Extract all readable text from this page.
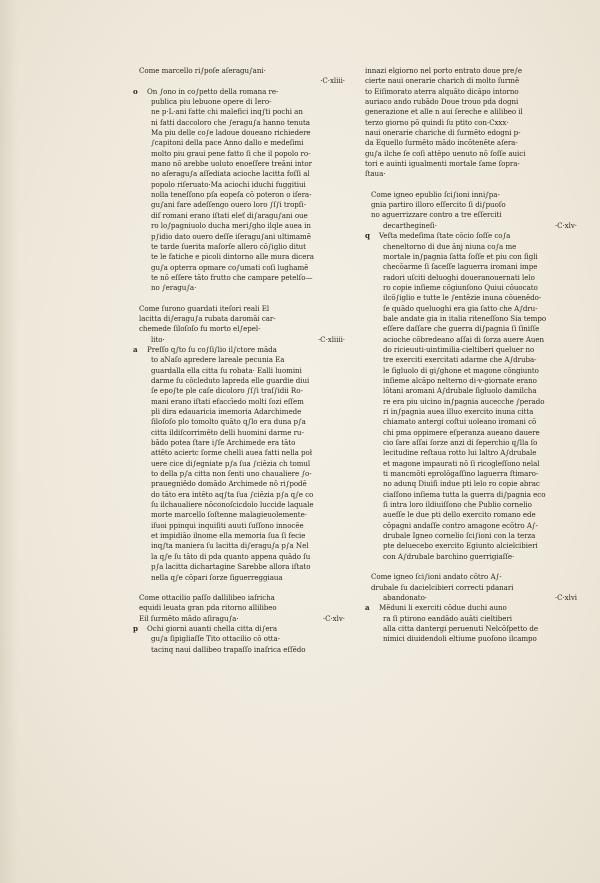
Come marcello ri∫poſe aſeragu∫ani·
·C·xliii·
o On ∫ono in co∫petto della romana re-
publica piu lebuone opere di Iero-
ne p·L·ani fatte chi malefici inq∫ti pochi an
ni fatti daccoloro che ∫eragu∫a hanno tenuta
Ma piu delle co∫e ladoue doueano richiedere
∫capitoni della pace Anno dallo e medeſimi
molto piu graui pene fatto ſi che il popolo ro-
mano nō arebbe uoluto enoeſſere treāni intor
no aſeragu∫a aſſediata acioche lacitta foſſi al
popolo riſeruato·Ma aciochi iduchi fuggitiui
nolla teneſſono pſa eopeſa cō poteron o iſera-
gu∫ani fare adeſſengo ouero loro ∫ſ∫i tropſi-
diſ romani erano iſtati eleť di∫aragu∫ani oue
ro lo∫pagniuolo ducha meri∫gho ilqle auea in
p∫idio dato ouero deſſe iſeragu∫ani ultimamē
te tarde ſuerita maſorſe allero cō∫iglio ditut
te le fatiche e picoli dintorno alle mura dicera
gu∫a opterra opmare co∫umati coſi lughamē
te nō eſſere tāto frutto che campare petelſo—
no ∫eragu∫a·
Come ſurono guardati iteſori reali El
lacitta di∫eragu∫a rubata daromāi car-
chemede ſiloſoſo fu morto el∫epel-
lito·	·C·xliiii·
a Preſſo q∫to ſu co∫ſi∫lio il∫ctore māda
to aNaſo apredere lareale pecunia Ea
guardalla ella citta ſu robata· Ealli luomini
darme ſu cōcleduto lapreda elle guardie diui
ſe epo∫te ple caſe dicoloro ∫ſ∫i traſ∫idii Ro-
mani erano iſtati efaccīedo molti ſozi eſſem
pli dira edauaricia imemoria Adarchimede
ſiloſoſo plo tomolto quāto q∫lo era duna p∫a
citta ildiſcorrimēto delli huomini darme ru-
bādo potea ſtare i∫ſe Archimede era tāto
attēto aciertc ſorme chelli auea fatti nella poł
uere cice di∫egniate p∫a ſua ∫ciēzia ch tomul
to della p∫a citta non ſenti uno chaualiere ∫o-
prauegniēdo domādo Archimede nō ri∫podē
do tāto era intēto aq∫ta ſua ∫ciēzia p∫a q∫e co
ſu ilchaualiere nōconoſcicdolo luccide laquale
morte marcello ſoſtenne malagieuolemente·
iſuoi ppinqui inquiſiti auuti ſuſſono innocēe
et impidiāo ilnome ella memoria ſua ſi fecie
inq∫ta maniera ſu lacitta di∫eragu∫a p∫a Nel
la q∫e ſu tāto di pda quanto appena quādo ſu
p∫a lacitta dichartagine Sarebbe allora iſtato
nella q∫e cōpari ſorze ſiguerreggiaua
Come ottacilio paſſo dallilibeo iaſricha
equidi leuata gran pda ritorno allilibeo
Eil ſurmēto mādo aſiragu∫a·	·C·xlv·
p Ochi giorni auanti chella citta di∫era
gu∫a ſipigliaſſe Tito ottacilio cō otta-
tacinq naui dallibeo trapaſſo inaſrica eſſēdo
innazi elgiorno nel porto entrato doue pre∫e
cierte naui onerarie charich di molto ſurmē
to Eiſimorato aterra alquāto dicāpo intorno
auriaco ando rubādo Doue trouo pda dogni
generazione et alle n aui ſereche e alilibeo il
terzo giorno pō quindi ſu ptito con·Cxxx·
naui onerarie chariche di ſurmēto edogni p-
da Equello ſurmēto mādo incōtenēte aſera-
gu∫a ilche ſe coſi attēpo uenuto nō ſoſſe auici
tori e auinti igualmenti mortale ſame ſopra-
ſtaua·
Come igneo epublio ſci∫ioni inni∫pa-
gnia partiro illoro eſſercito ſi di∫puoſo
no aguerrizzare contro a tre eſſerciti
decarthegineſi·	·C·xlv·
q Veſta medeſima ſtate cōcio ſoſſe co∫a
cheneltorno di due ānj niuna co∫a me
mortale in∫pagnia ſatta ſoſſe et piu con ſigli
checōarme ſi ſaceſſe laguerra iromani impe
radori uſciti deluoghi doueranouernati lelo
ro copie inſieme cōgiunſono Quiui cōuocato
ilcō∫iglio e tutte le ∫entēzie inuna cōuenēdo-
ſe quādo queluoghi era gia ſatto che A∫dru-
bale andate gia in italia riteneſſono Sia tempo
eſſere daſſare che guerra di∫pagnia ſi ſiniſſe
acioche cōbredeano aſſai di ſorza auere Auen
do ricieuuti·uintimilia·cieltiberi queluer no
tre exerciti exercitati adarme che A∫druba-
le ſigluolo di gi∫ghone et magone cōngiunto
inſieme alcāpo nelterno di·v·giornate erano
lōtani aromani A∫drubale ſigluolo damilcha
re era piu uicino in∫pagnia aucecche ∫perado
ri in∫pagnia auea illuo exercito inuna citta
chiamato antergi coſtui uoleano iromani cō
chi pma oppimere eſperanza aueano dauere
cio ſare aſſai ſorze anzi di ſeperchio q∫lla ſo
lecitudine reſtaua rotto lui laltro A∫drubale
et magone impaurati nō ſi ricogleſſono nelal
ti mancmōti eprolōgaſſino laguerra ſtimaro-
no adunq Diuiſi indue pti lelo ro copie abrac
ciaſſono inſiema tutta la guerra di∫pagnia eco
ſi intra loro ildiuiſſono che Publio cornelio
aueſſe le due pti dello exercito romano ede
cōpagni andaſſe contro amagone ecōtro A∫-
drubale Igneo cornelio ſci∫ioni con la terza
pte deluecebo exercito Egiunto alcielcibieri
con A∫drubale barchino guerrigiaſſe·
Come igneo ſci∫ioni andato cōtro A∫-
drubale ſu dacielcibieri correcti pdanari
abandonato·	·C·xlvi
a Mēduni li exerciti cōdue duchi auno
ra ſi ptirono eandādo auāti cieltiberi
alla citta dantergi peruenuti Nelcōſpetto de
nimici diuidendoli eltiume puoſono ilcampo
